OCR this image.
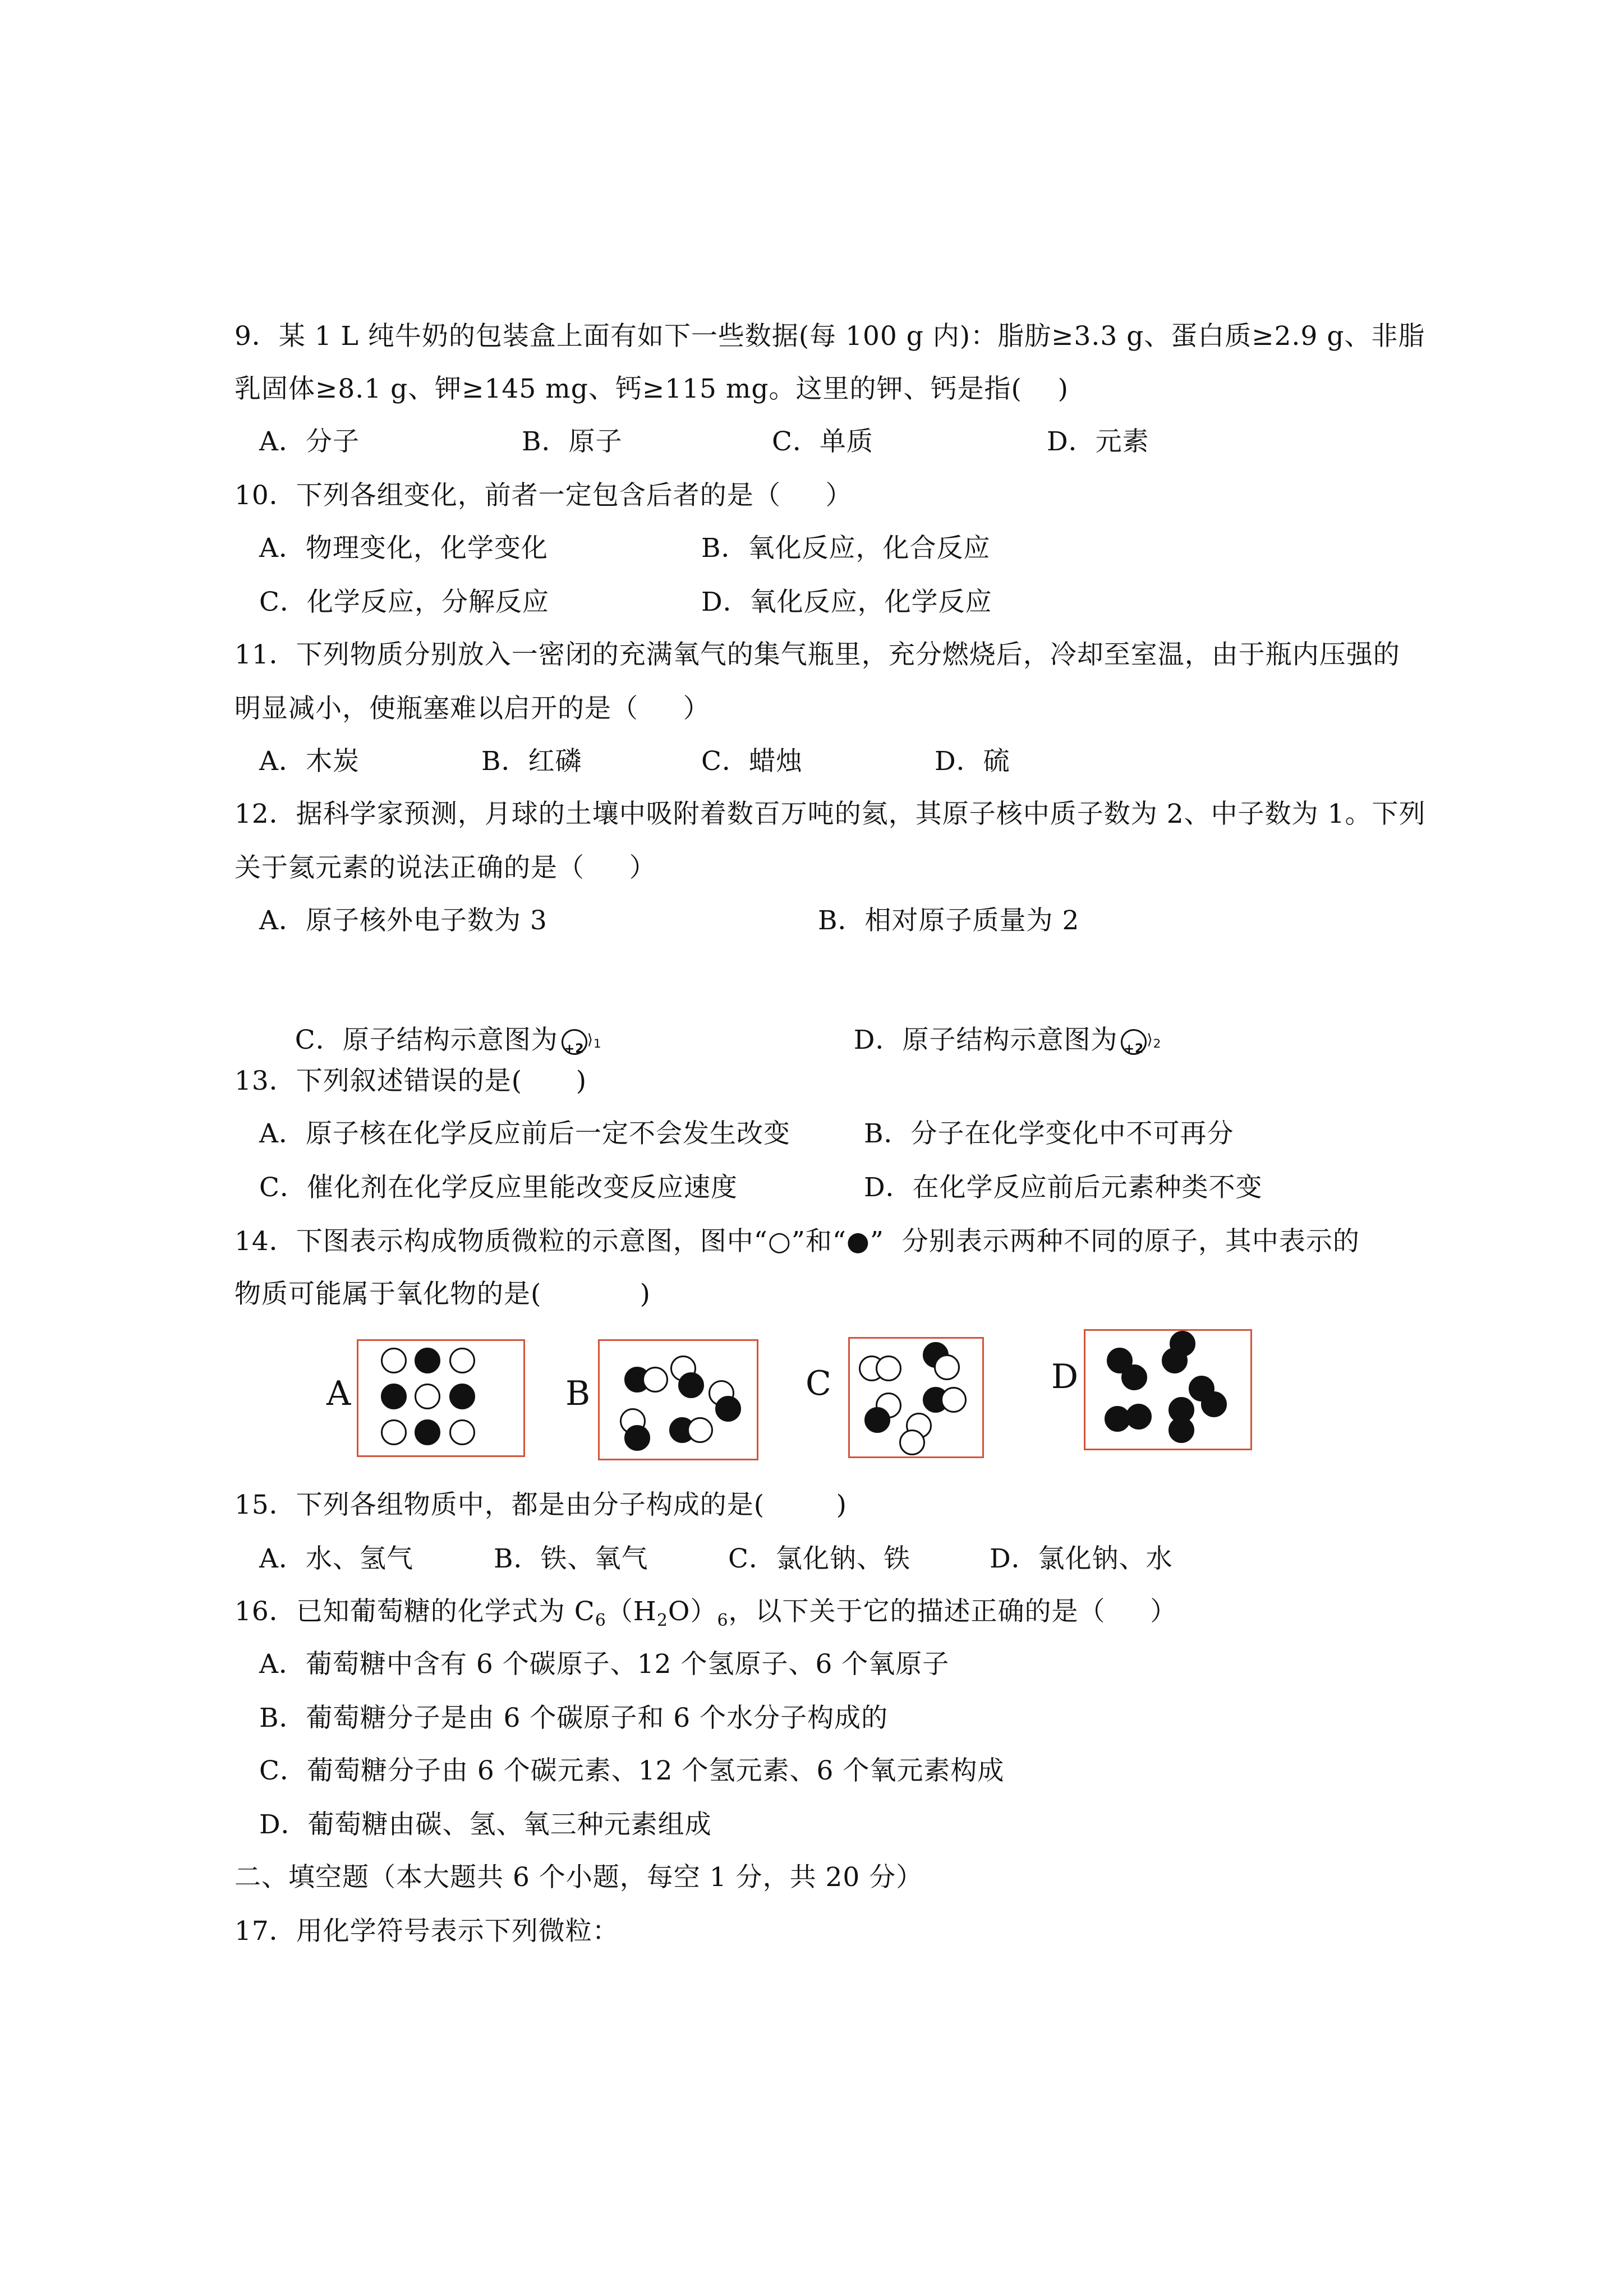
9．某 1 L 纯牛奶的包装盒上面有如下一些数据(每 100 g 内)：脂肪≥3.3 g、蛋白质≥2.9 g、非脂
乳固体≥8.1 g、钾≥145 mg、钙≥115 mg。这里的钾、钙是指(    )
A．分子	B．原子	C．单质	D．元素
10．下列各组变化，前者一定包含后者的是（     ）
A．物理变化，化学变化	B．氧化反应，化合反应
C．化学反应，分解反应	D．氧化反应，化学反应
11．下列物质分别放入一密闭的充满氧气的集气瓶里，充分燃烧后，冷却至室温，由于瓶内压强的
明显减小，使瓶塞难以启开的是（     ）
A．木炭	B．红磷	C．蜡烛	D．硫
12．据科学家预测，月球的土壤中吸附着数百万吨的氦，其原子核中质子数为 2、中子数为 1。下列
关于氦元素的说法正确的是（     ）
A．原子核外电子数为 3	B．相对原子质量为 2

C．原子结构示意图为 +2
$⟩_1$
	D．原子结构示意图为 +2
$⟩_2$

13．下列叙述错误的是(      )
A．原子核在化学反应前后一定不会发生改变	B．分子在化学变化中不可再分
C．催化剂在化学反应里能改变反应速度	D．在化学反应前后元素种类不变
14．下图表示构成物质微粒的示意图，图中“○”和“●”  分别表示两种不同的原子，其中表示的
物质可能属于氧化物的是(           )
A	B	C	D
15．下列各组物质中，都是由分子构成的是(        )
A．水、氢气	B．铁、氧气	C．氯化钠、铁	D．氯化钠、水
16．已知葡萄糖的化学式为 $C_6(H_2O)_6$，以下关于它的描述正确的是（     ）
A．葡萄糖中含有 6 个碳原子、12 个氢原子、6 个氧原子
B．葡萄糖分子是由 6 个碳原子和 6 个水分子构成的
C．葡萄糖分子由 6 个碳元素、12 个氢元素、6 个氧元素构成
D．葡萄糖由碳、氢、氧三种元素组成
二、填空题（本大题共 6 个小题，每空 1 分，共 20 分）
17．用化学符号表示下列微粒：
